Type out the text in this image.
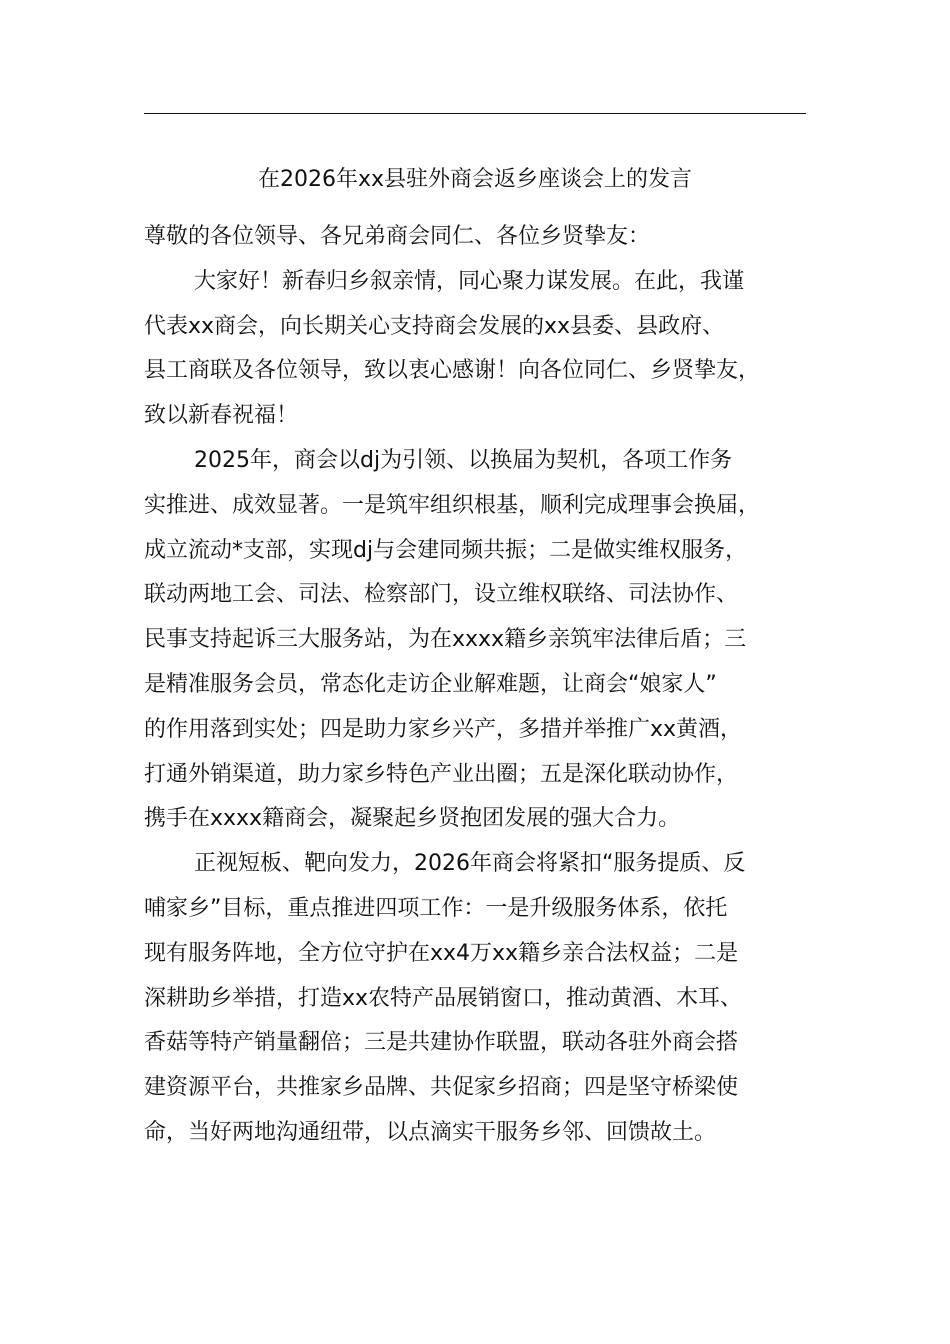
在2026年xx县驻外商会返乡座谈会上的发言
尊敬的各位领导、各兄弟商会同仁、各位乡贤挚友：
大家好！新春归乡叙亲情，同心聚力谋发展。在此，我谨
代表xx商会，向长期关心支持商会发展的xx县委、县政府、
县工商联及各位领导，致以衷心感谢！向各位同仁、乡贤挚友，
致以新春祝福！
2025年，商会以dj为引领、以换届为契机，各项工作务
实推进、成效显著。一是筑牢组织根基，顺利完成理事会换届，
成立流动*支部，实现dj与会建同频共振；二是做实维权服务，
联动两地工会、司法、检察部门，设立维权联络、司法协作、
民事支持起诉三大服务站，为在xxxx籍乡亲筑牢法律后盾；三
是精准服务会员，常态化走访企业解难题，让商会“娘家人”
的作用落到实处；四是助力家乡兴产，多措并举推广xx黄酒，
打通外销渠道，助力家乡特色产业出圈；五是深化联动协作，
携手在xxxx籍商会，凝聚起乡贤抱团发展的强大合力。
正视短板、靶向发力，2026年商会将紧扣“服务提质、反
哺家乡”目标，重点推进四项工作：一是升级服务体系，依托
现有服务阵地，全方位守护在xx4万xx籍乡亲合法权益；二是
深耕助乡举措，打造xx农特产品展销窗口，推动黄酒、木耳、
香菇等特产销量翻倍；三是共建协作联盟，联动各驻外商会搭
建资源平台，共推家乡品牌、共促家乡招商；四是坚守桥梁使
命，当好两地沟通纽带，以点滴实干服务乡邻、回馈故土。
